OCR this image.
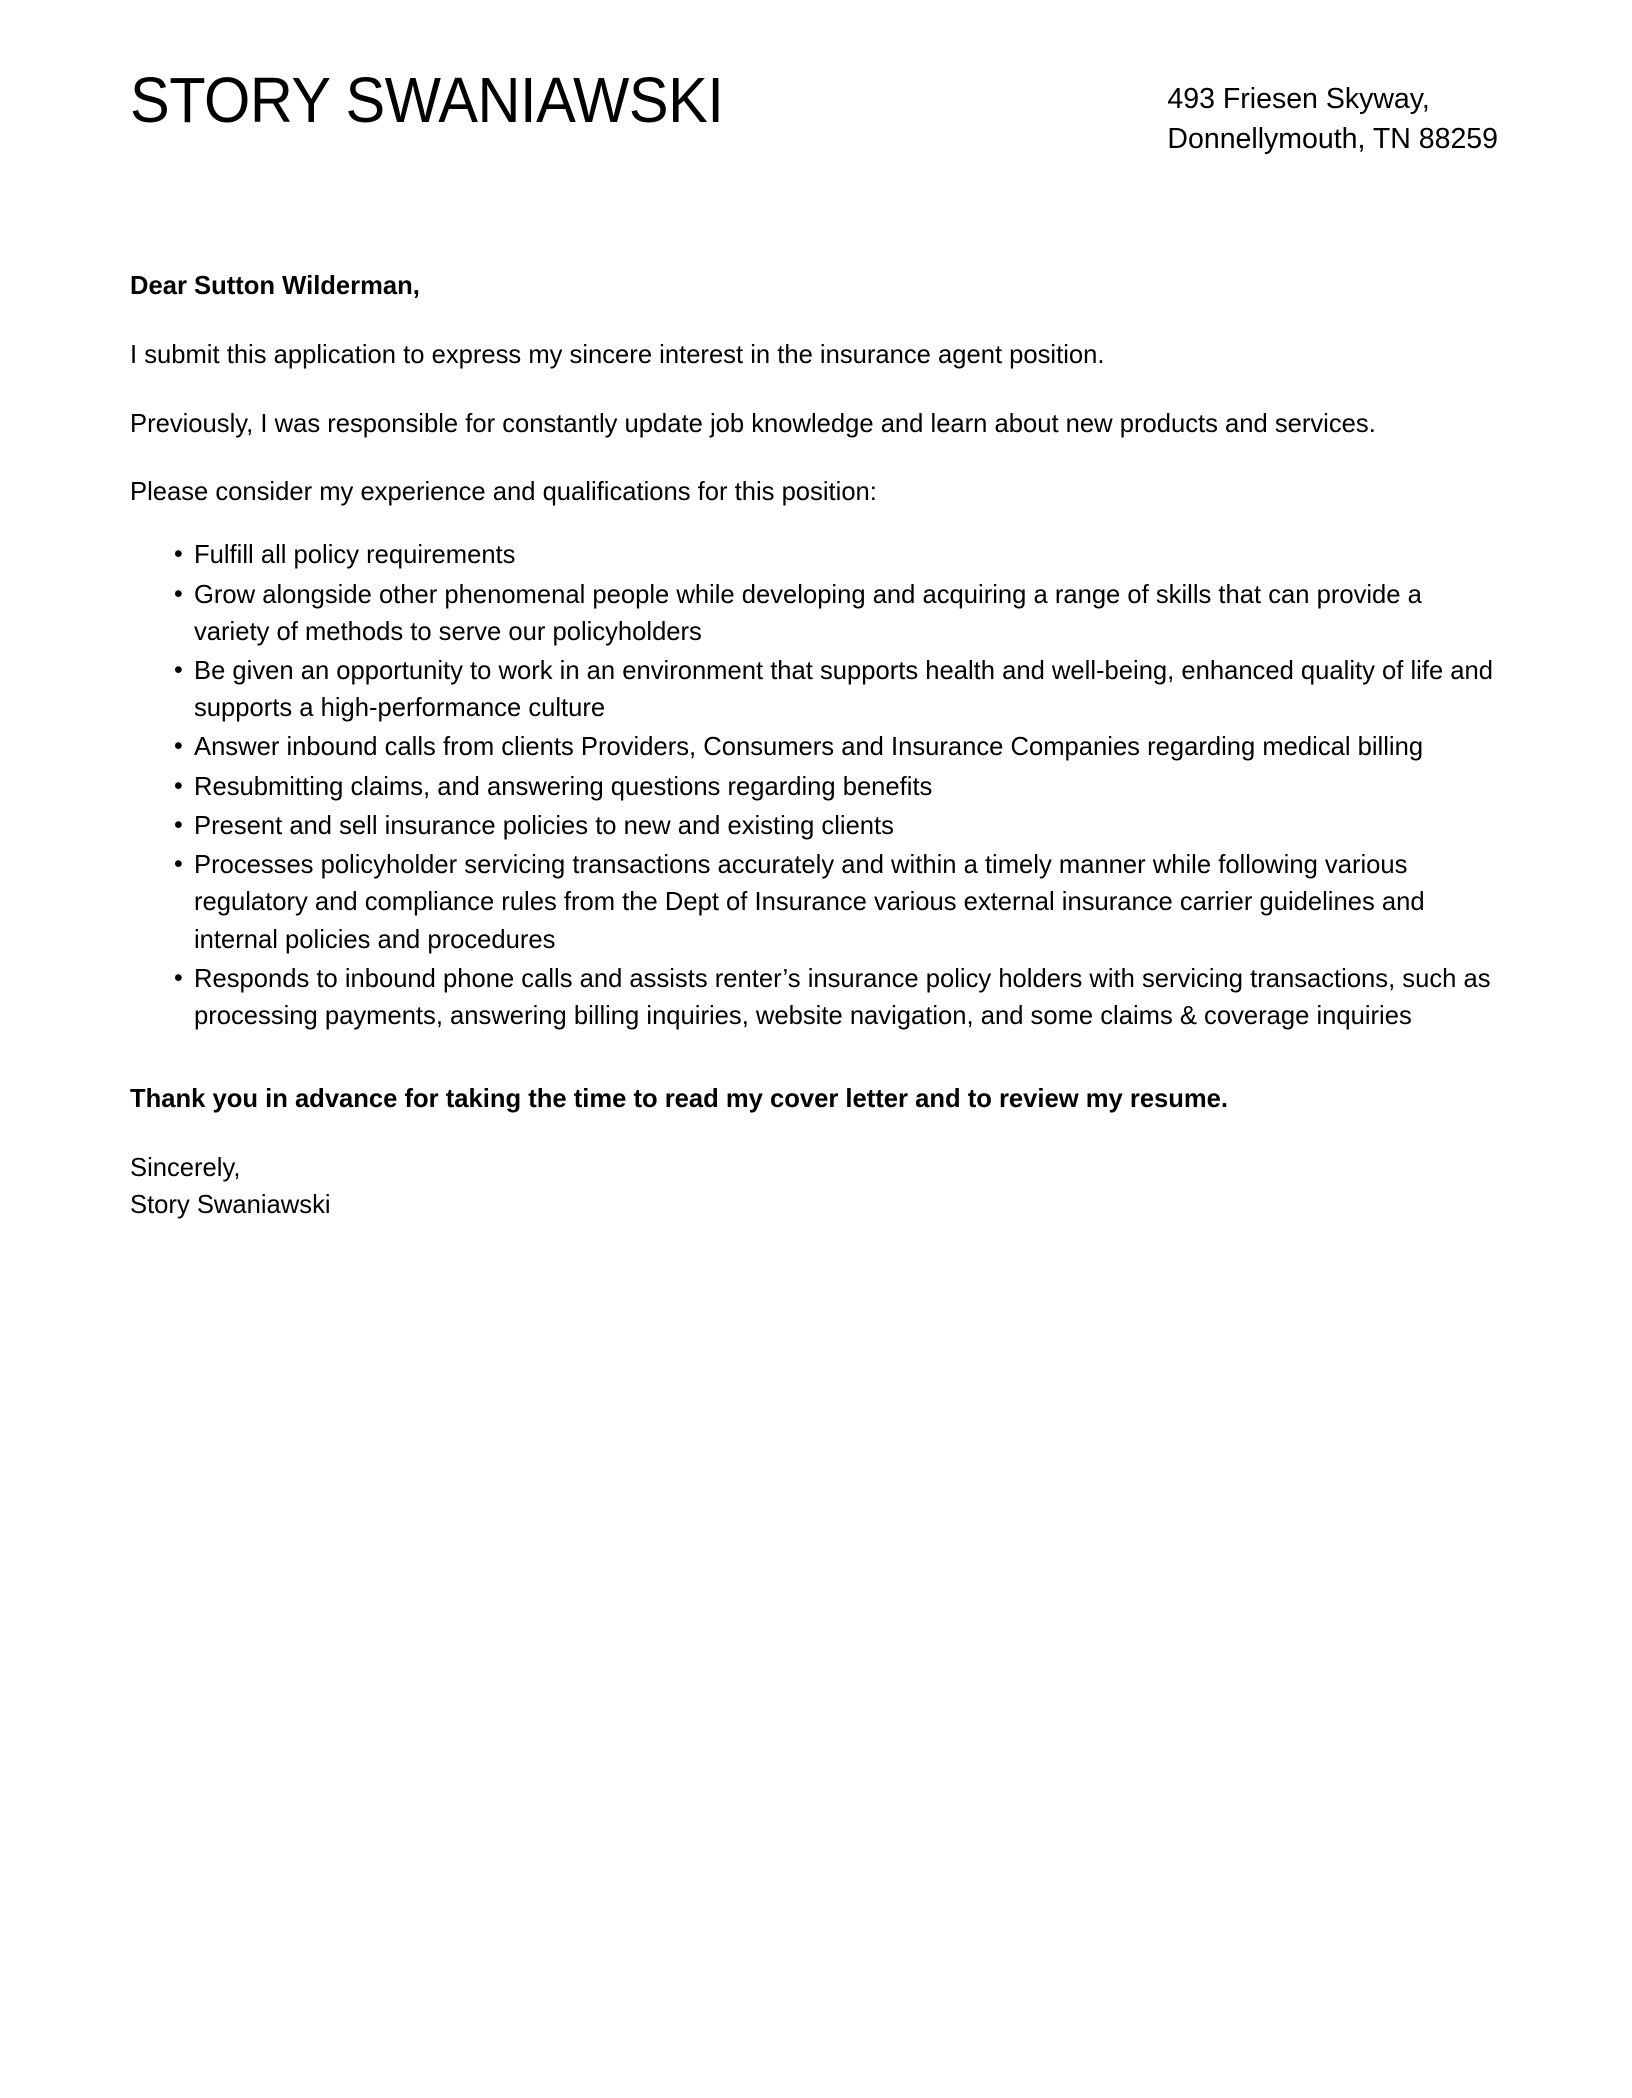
STORY SWANIAWSKI	493 Friesen Skyway,
Donnellymouth, TN 88259

Dear Sutton Wilderman,

I submit this application to express my sincere interest in the insurance agent position.

Previously, I was responsible for constantly update job knowledge and learn about new products and services.

Please consider my experience and qualifications for this position:

• Fulfill all policy requirements
• Grow alongside other phenomenal people while developing and acquiring a range of skills that can provide a variety of methods to serve our policyholders
• Be given an opportunity to work in an environment that supports health and well-being, enhanced quality of life and supports a high-performance culture
• Answer inbound calls from clients Providers, Consumers and Insurance Companies regarding medical billing
• Resubmitting claims, and answering questions regarding benefits
• Present and sell insurance policies to new and existing clients
• Processes policyholder servicing transactions accurately and within a timely manner while following various regulatory and compliance rules from the Dept of Insurance various external insurance carrier guidelines and internal policies and procedures
• Responds to inbound phone calls and assists renter’s insurance policy holders with servicing transactions, such as processing payments, answering billing inquiries, website navigation, and some claims & coverage inquiries

Thank you in advance for taking the time to read my cover letter and to review my resume.

Sincerely,
Story Swaniawski
